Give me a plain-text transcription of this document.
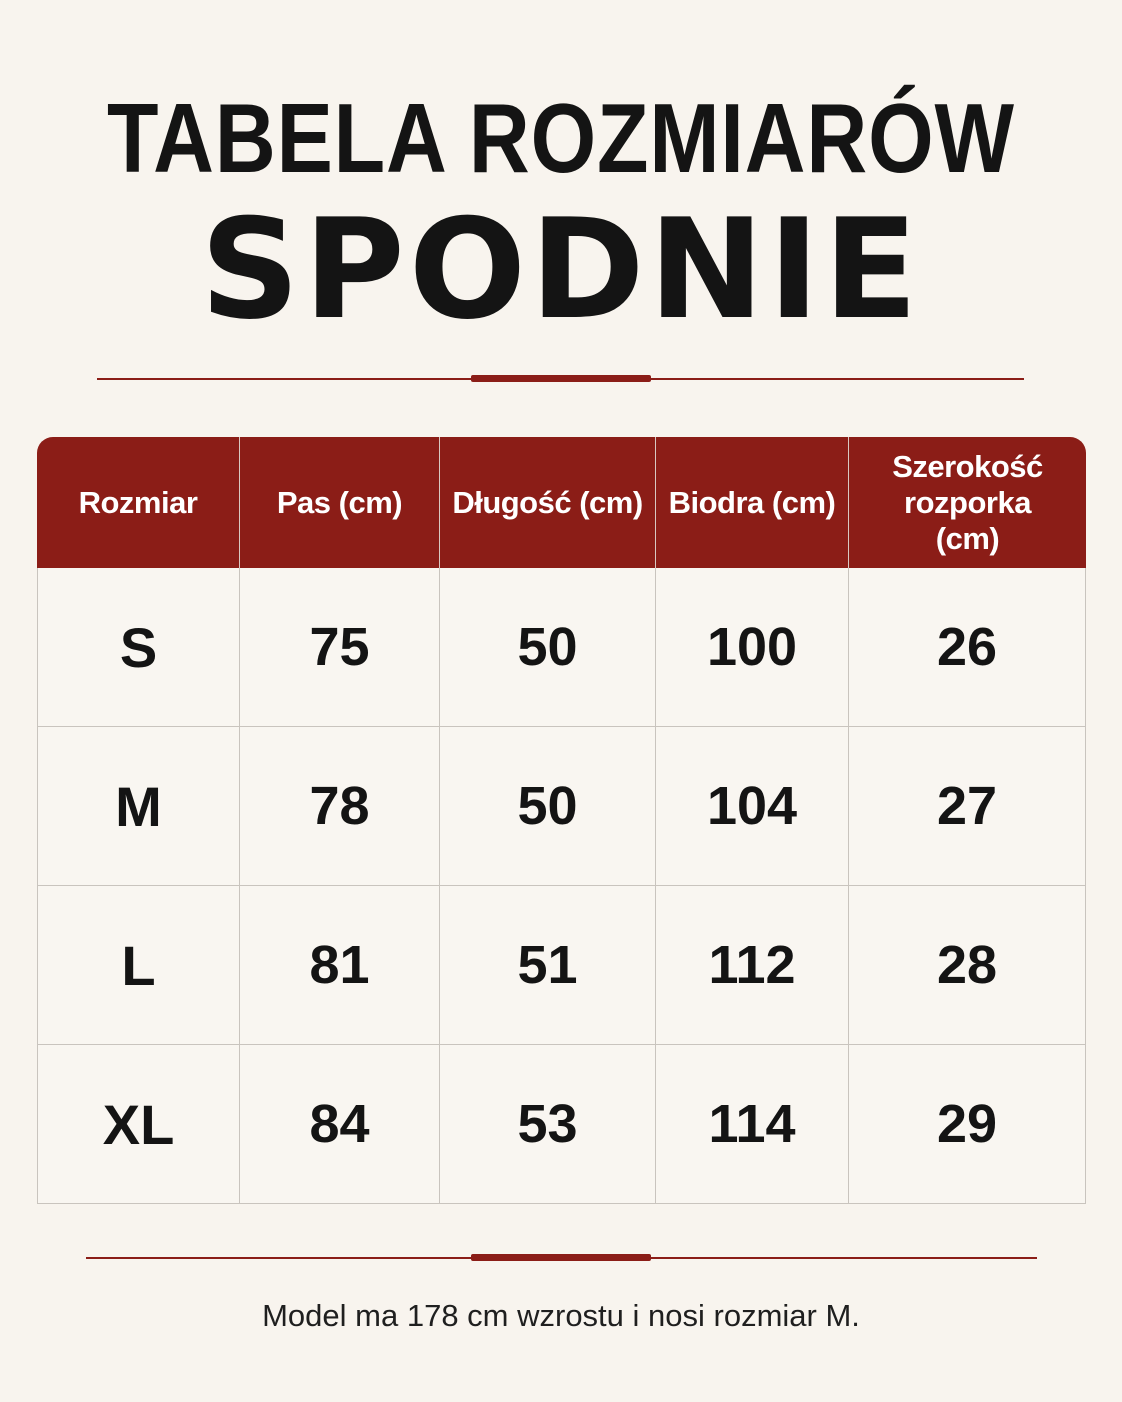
TABELA ROZMIARÓW
SPODNIE
Rozmiar	Pas (cm)	Długość (cm)	Biodra (cm)	Szerokość rozporka (cm)
S	75	50	100	26
M	78	50	104	27
L	81	51	112	28
XL	84	53	114	29
Model ma 178 cm wzrostu i nosi rozmiar M.
